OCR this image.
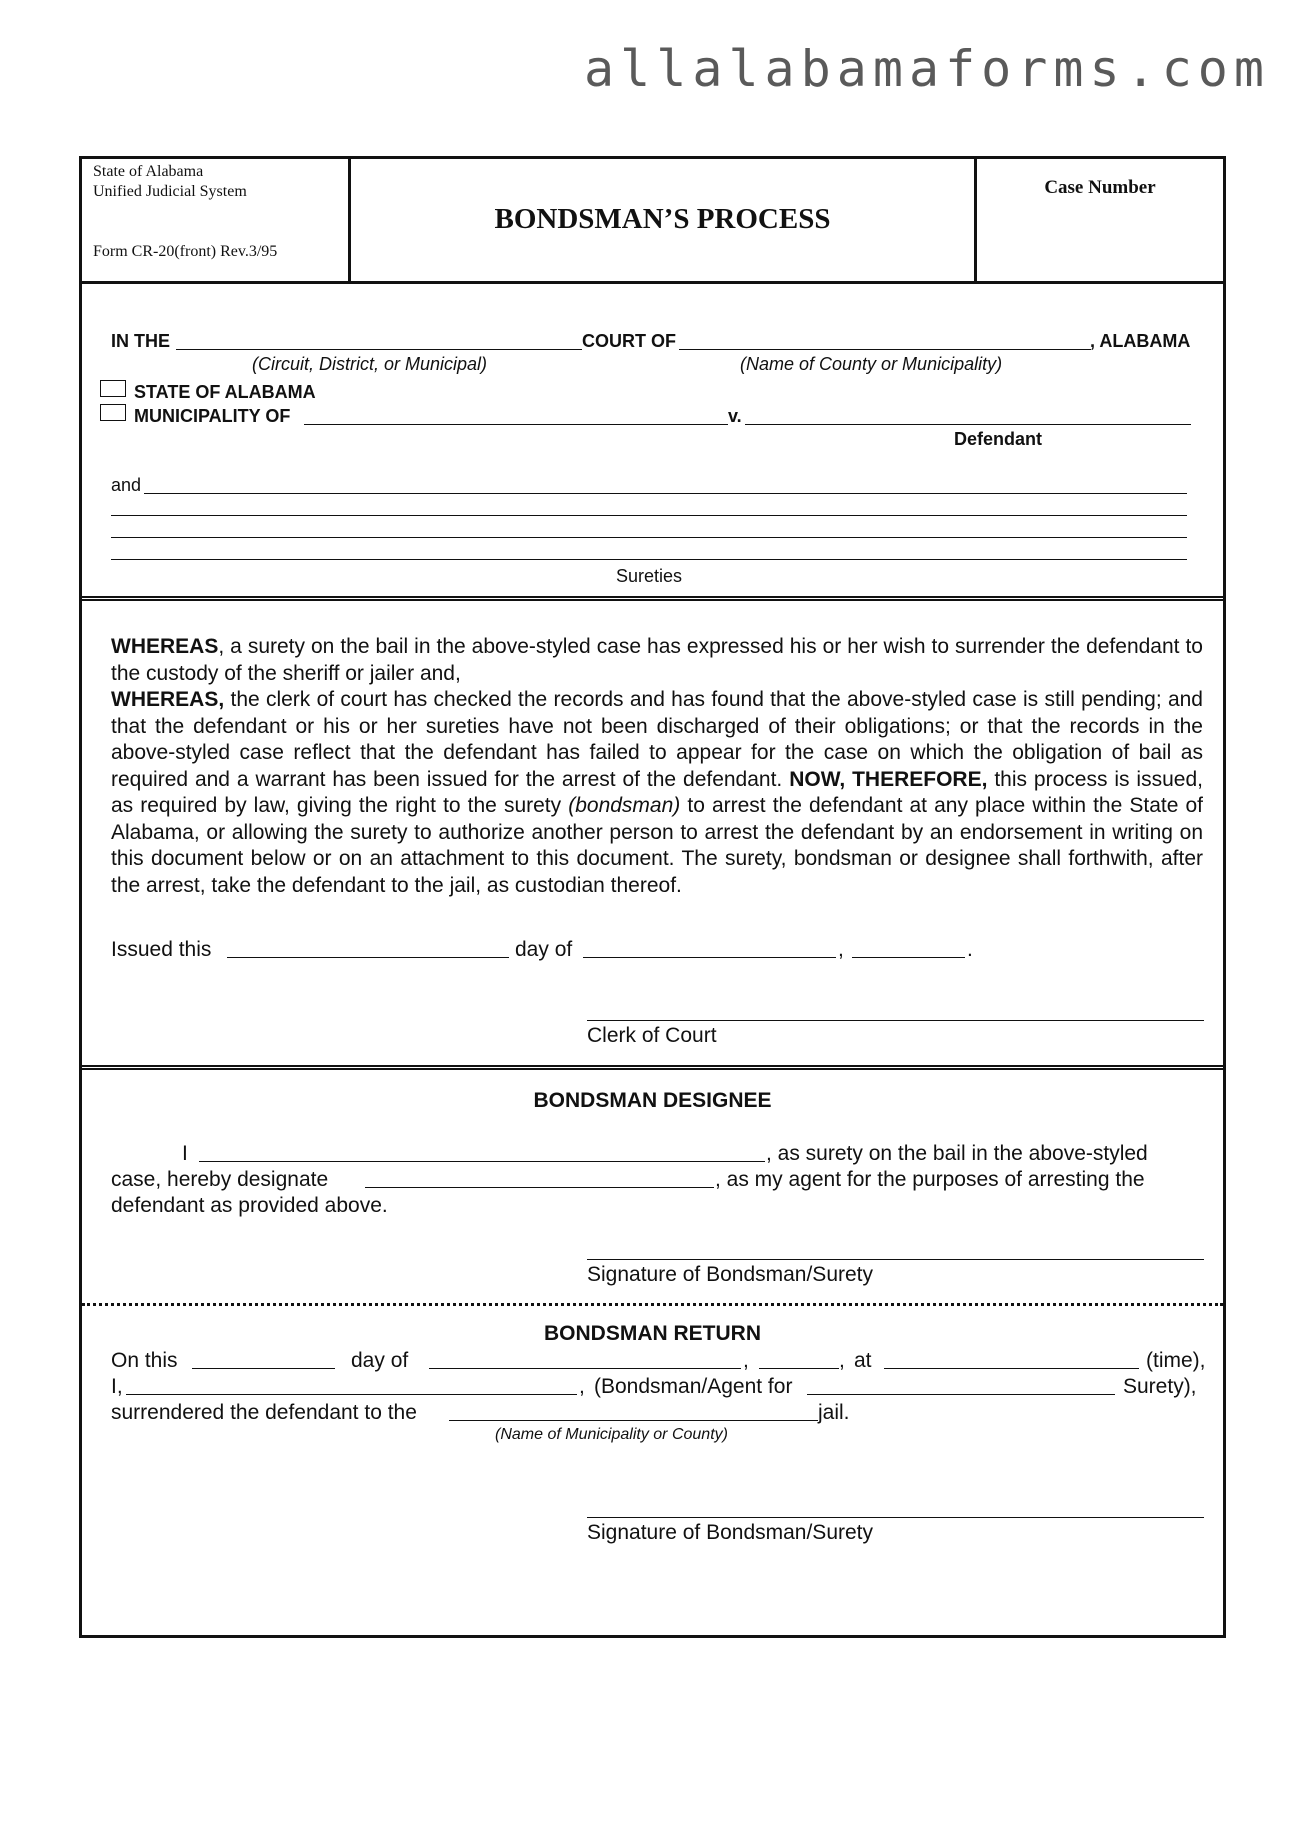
allalabamaforms.com
State of Alabama
Unified Judicial System
Form CR-20(front) Rev.3/95
BONDSMAN’S PROCESS
Case Number
IN THE	COURT OF	, ALABAMA
(Circuit, District, or Municipal)	(Name of County or Municipality)
STATE OF ALABAMA
MUNICIPALITY OF	v.
Defendant
and
Sureties
WHEREAS, a surety on the bail in the above-styled case has expressed his or her wish to surrender the defendant to the custody of the sheriff or jailer and,
WHEREAS, the clerk of court has checked the records and has found that the above-styled case is still pending; and that the defendant or his or her sureties have not been discharged of their obligations; or that the records in the above-styled case reflect that the defendant has failed to appear for the case on which the obligation of bail as required and a warrant has been issued for the arrest of the defendant. NOW, THEREFORE, this process is issued, as required by law, giving the right to the surety (bondsman) to arrest the defendant at any place within the State of Alabama, or allowing the surety to authorize another person to arrest the defendant by an endorsement in writing on this document below or on an attachment to this document. The surety, bondsman or designee shall forthwith, after the arrest, take the defendant to the jail, as custodian thereof.
Issued this	day of	,	.
Clerk of Court
BONDSMAN DESIGNEE
I	, as surety on the bail in the above-styled
case, hereby designate	, as my agent for the purposes of arresting the
defendant as provided above.
Signature of Bondsman/Surety
BONDSMAN RETURN
On this	day of	,	, at	(time),
I,	, (Bondsman/Agent for	Surety),
surrendered the defendant to the	jail.
(Name of Municipality or County)
Signature of Bondsman/Surety
